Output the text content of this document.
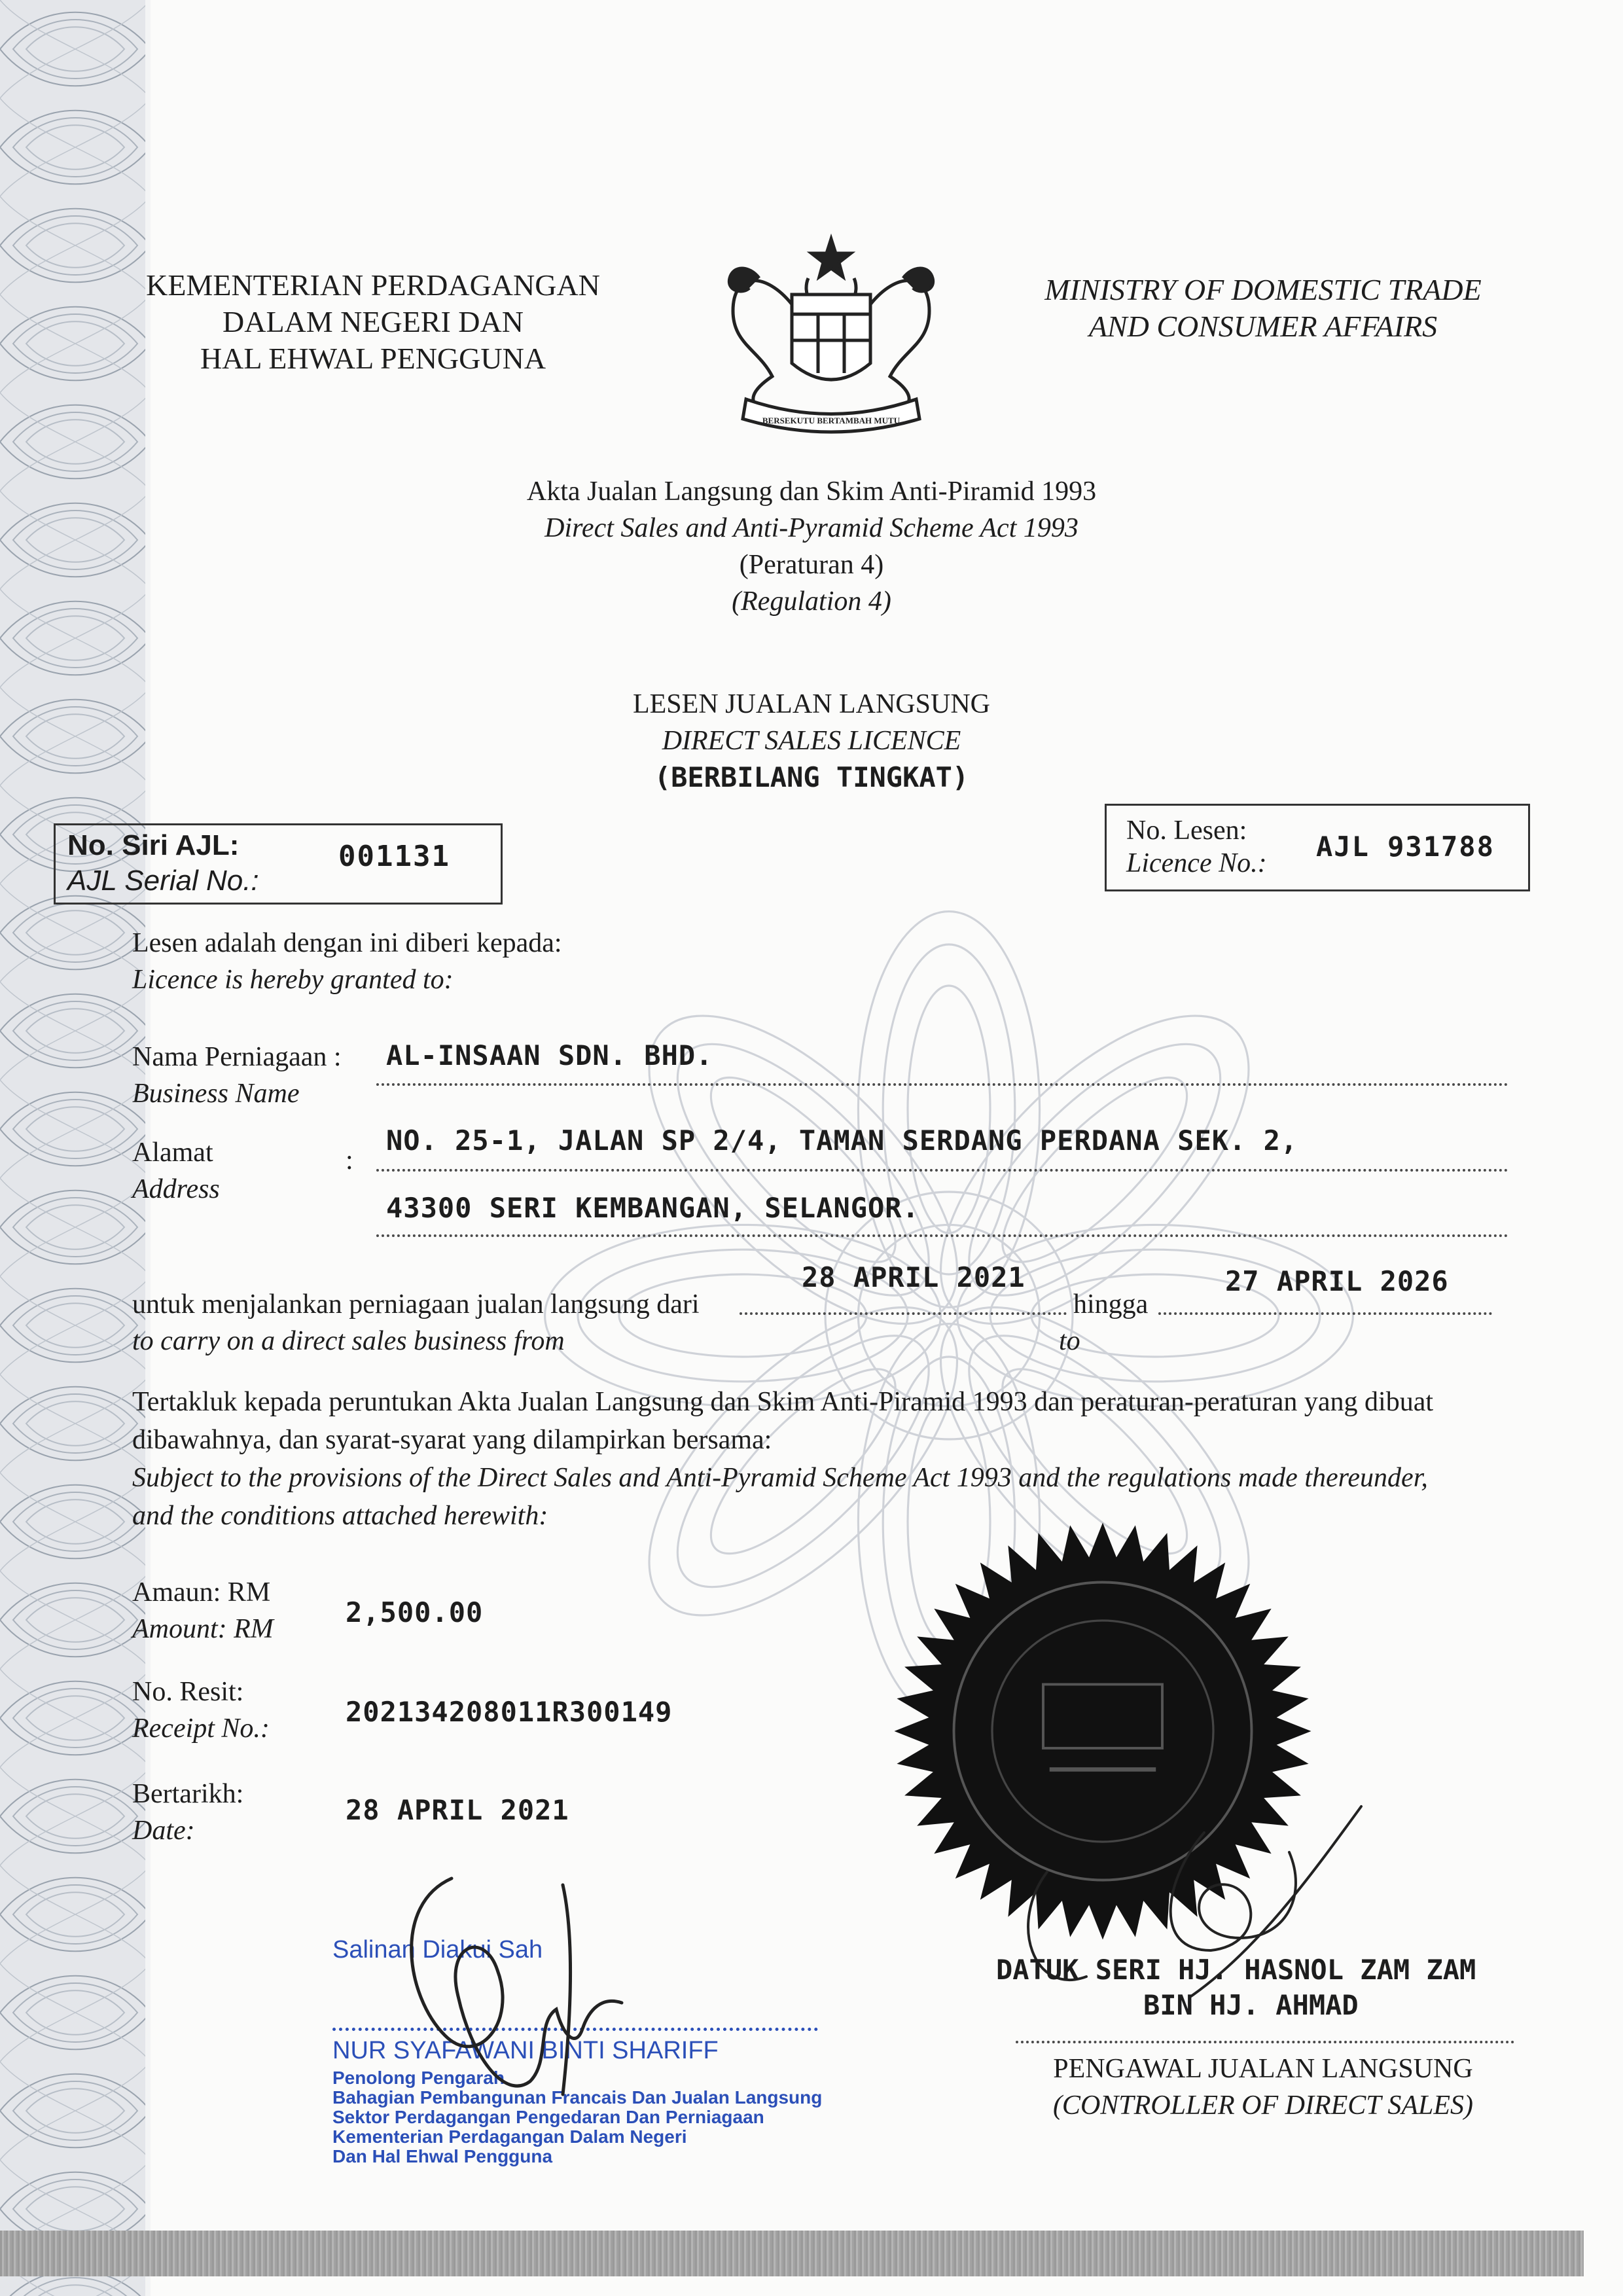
KEMENTERIAN PERDAGANGAN
DALAM NEGERI DAN
HAL EHWAL PENGGUNA
MINISTRY OF DOMESTIC TRADE
AND CONSUMER AFFAIRS
BERSEKUTU BERTAMBAH MUTU
Akta Jualan Langsung dan Skim Anti-Piramid 1993
Direct Sales and Anti-Pyramid Scheme Act 1993
(Peraturan 4)
(Regulation 4)
LESEN JUALAN LANGSUNG
DIRECT SALES LICENCE
(BERBILANG TINGKAT)
No. Siri AJL:
AJL Serial No.:
001131
No. Lesen:
Licence No.:
AJL 931788
Lesen adalah dengan ini diberi kepada:
Licence is hereby granted to:
Nama Perniagaan :
Business Name
AL-INSAAN SDN. BHD.
Alamat
Address
:
NO. 25-1, JALAN SP 2/4, TAMAN SERDANG PERDANA SEK. 2,
43300 SERI KEMBANGAN, SELANGOR.
28 APRIL 2021	27 APRIL 2026
untuk menjalankan perniagaan jualan langsung dari	hingga
to carry on a direct sales business from	to
Tertakluk kepada peruntukan Akta Jualan Langsung dan Skim Anti-Piramid 1993 dan peraturan-peraturan yang dibuat
dibawahnya, dan syarat-syarat yang dilampirkan bersama:
Subject to the provisions of the Direct Sales and Anti-Pyramid Scheme Act 1993 and the regulations made thereunder,
and the conditions attached herewith:
Amaun: RM
Amount: RM
2,500.00
No. Resit:
Receipt No.:
202134208011R300149
Bertarikh:
Date:
28 APRIL 2021
Salinan Diakui Sah
NUR SYAFAWANI BINTI SHARIFF
Penolong Pengarah
Bahagian Pembangunan Francais Dan Jualan Langsung
Sektor Perdagangan Pengedaran Dan Perniagaan
Kementerian Perdagangan Dalam Negeri
Dan Hal Ehwal Pengguna
DATUK SERI HJ. HASNOL ZAM ZAM
BIN HJ. AHMAD
PENGAWAL JUALAN LANGSUNG
(CONTROLLER OF DIRECT SALES)
